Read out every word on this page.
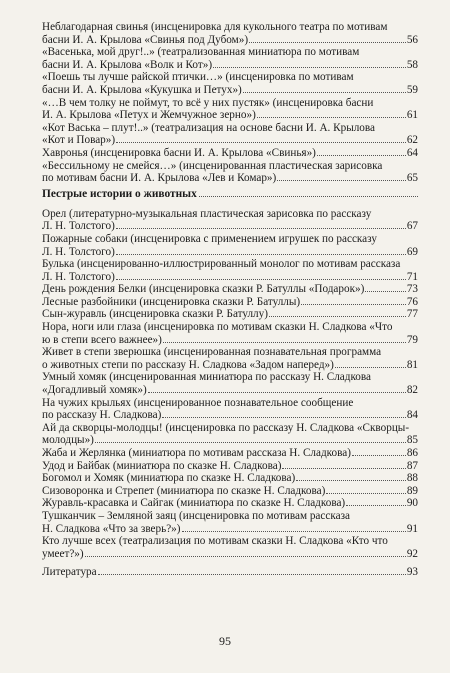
Неблагодарная свинья (инсценировка для кукольного театра по мотивам
басни И. А. Крылова «Свинья под Дубом»)	56
«Васенька, мой друг!..» (театрализованная миниатюра по мотивам
басни И. А. Крылова «Волк и Кот»)	58
«Поешь ты лучше райской птички…» (инсценировка по мотивам
басни И. А. Крылова «Кукушка и Петух»)	59
«…В чем толку не поймут, то всё у них пустяк» (инсценировка басни
И. А. Крылова «Петух и Жемчужное зерно»)	61
«Кот Васька – плут!..» (театрализация на основе басни И. А. Крылова
«Кот и Повар»)	62
Хавронья (инсценировка басни И. А. Крылова «Свинья»)	64
«Бессильному не смейся…» (инсценированная пластическая зарисовка
по мотивам басни И. А. Крылова «Лев и Комар»)	65
Пестрые истории о животных
Орел (литературно-музыкальная пластическая зарисовка по рассказу
Л. Н. Толстого)	67
Пожарные собаки (инсценировка с применением игрушек по рассказу
Л. Н. Толстого)	69
Булька (инсценированно-иллюстрированный монолог по мотивам рассказа
Л. Н. Толстого)	71
День рождения Белки (инсценировка сказки Р. Батуллы «Подарок»)	73
Лесные разбойники (инсценировка сказки Р. Батуллы)	76
Сын-журавль (инсценировка сказки Р. Батуллу)	77
Нора, ноги или глаза (инсценировка по мотивам сказки Н. Сладкова «Что
ю в степи всего важнее»)	79
Живет в степи зверюшка (инсценированная познавательная программа
о животных степи по рассказу Н. Сладкова «Задом наперед»)	81
Умный хомяк (инсценированная миниатюра по рассказу Н. Сладкова
«Догадливый хомяк»)	82
На чужих крыльях (инсценированное познавательное сообщение
по рассказу Н. Сладкова)	84
Ай да скворцы-молодцы! (инсценировка по рассказу Н. Сладкова «Скворцы-
молодцы»)	85
Жаба и Жерлянка (миниатюра по мотивам рассказа Н. Сладкова)	86
Удод и Байбак (миниатюра по сказке Н. Сладкова)	87
Богомол и Хомяк (миниатюра по сказке Н. Сладкова)	88
Сизоворонка и Стрепет (миниатюра по сказке Н. Сладкова)	89
Журавль-красавка и Сайгак (миниатюра по сказке Н. Сладкова)	90
Тушканчик – Земляной заяц (инсценировка по мотивам рассказа
Н. Сладкова «Что за зверь?»)	91
Кто лучше всех (театрализация по мотивам сказки Н. Сладкова «Кто что
умеет?»)	92
Литература	93
95
